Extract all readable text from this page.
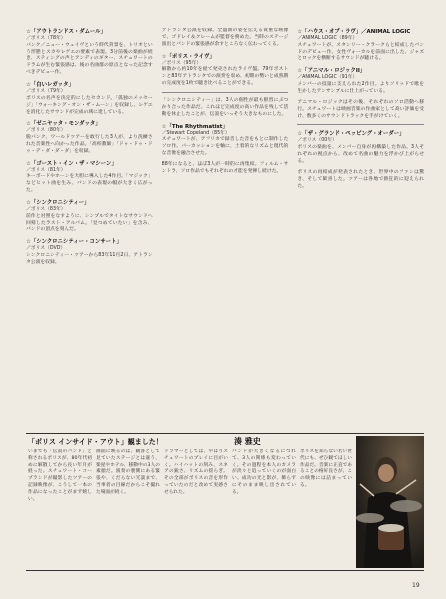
☆「アウトランドス・ダムール」
／ポリス（78年）
パンク／ニュー・ウェイヴという時代背景を、トリオという形態とスカやレゲエの要素で表現。3分前後の楽曲が続き、スティングの声とアンディのギター、スチュワートのドラムが生む緊張感は、後の名曲群の原点となった記念すべきデビュー作。
☆「白いレガッタ」
／ポリス（79年）
ポリスの名声を決定的にしたセカンド。「孤独のメッセージ」「ウォーキング・オン・ザ・ムーン」を収録し、レゲエを消化したサウンドが完成の域に達している。
☆「ゼニヤッタ・モンダッタ」
／ポリス（80年）
脱パンク、ワールドツアーを敢行した3人が、より洗練された音楽性へ向かった作品。「高校教師」「ドゥ・ドゥ・ドゥ・デ・ダ・ダ・ダ」を収録。
☆「ゴースト・イン・ザ・マシーン」
／ポリス（81年）
キーボードやホーンを大胆に導入した4作目。「マジック」などヒット曲を生み、バンドの表現の幅が大きく広がった。
☆「シンクロニシティー」
／ポリス（83年）
前作と対照をなすように、シンプルでタイトなサウンドへ回帰したラスト・アルバム。「見つめていたい」を含み、バンドの頂点を刻んだ。
☆「シンクロニシティー・コンサート」
／ポリス（DVD）
シンクロニシティー・ツアーから83年11月2日、アトランタ公演を収録。
アトランタ公演を収録。全盛期の姿を伝える貴重な映像で、ゴドレイ＆クレームが監督を務めた。当時のステージ演出とバンドの緊張感が余すところなく伝わってくる。
☆「ポリス・ライヴ」
／ポリス（95年）
解散から約10年を経て発売されたライヴ盤。79年ボストンと83年アトランタでの演奏を収め、初期の勢いと成熟期の完成度を1枚で聴き比べることができる。
「シンクロニシティー」は、3人の個性が最も鮮烈にぶつかり合った作品だ。これほど完成度の高い作品を残して活動を休止したことが、伝説をいっそう大きなものにした。
☆「The Rhythmatist」
／Stewart Copeland（85年）
スチュワートが、アフリカで録音した音をもとに制作したソロ作。パーカッションを軸に、土着的なリズムと現代的な音像を融合させた。
88年になると、ほぼ3人が一時的に再集結。フィルム・サントラ、ソロ作品でもそれぞれの才能を発揮し続けた。
☆「ハウス・オブ・ラヴ」／ANIMAL LOGIC
／ANIMAL LOGIC（89年）
スチュワートが、スタンリー・クラークらと結成したバンドのデビュー作。女性ヴォーカルを前面に出した、ジャズとロックを横断するサウンドが聴ける。
☆「アニマル・ロジックII」
／ANIMAL LOGIC（91年）
メンバーの技量に支えられた2作目。よりソリッドで歌を生かしたアンサンブルに仕上がっている。
アニマル・ロジックはその後、それぞれのソロ活動へ移行。スチュワートは映画音楽の作曲家として高い評価を受け、数多くのサウンドトラックを手がけていく。
☆「ザ・グランド・ペッピング・オーダー」
／ポリス（00年）
ポリスの楽曲を、メンバー自身が再構築した作品。3人それぞれの視点から、改めて名曲の魅力を浮かび上がらせる。
ポリスの再結成が発表されたとき、世界中のファンは驚き、そして歓喜した。ツアーは各地で熱狂的に迎えられた。
「ポリス インサイド・アウト」観ました！	湊 雅史
いまでも「伝説のバンド」と称されるポリスが、80年代初めに解散してから長い年月が経った。スチュワート・コープランドが撮影したツアーの記録映像が、こうして一本の作品になったことがまず嬉しい。
画面に映るのは、観客として見ていたステージとは違う、楽屋やホテル、移動中の3人の素顔だ。演奏の裏側にある緊張や、くだらない冗談まで、当事者の目線だからこそ撮れた場面が続く。
ドラマーとしては、やはりスチュワートのプレイに目がいく。ハイハットの刻み、スネアの鋭さ、リズムの揺らぎ。その全部がポリスの音を形作っていたのだと改めて実感させられた。
バンドが大きくなるにつれて、3人の関係も変わっていく。その過程を本人のカメラが淡々と追っていくのが面白い。成功の光と影が、飾らずにそのまま映し出されている。
ポリスを知らない若い世代にも、ぜひ観てほしい作品だ。音楽に正直であることの格好良さが、この映像には詰まっている。
19
